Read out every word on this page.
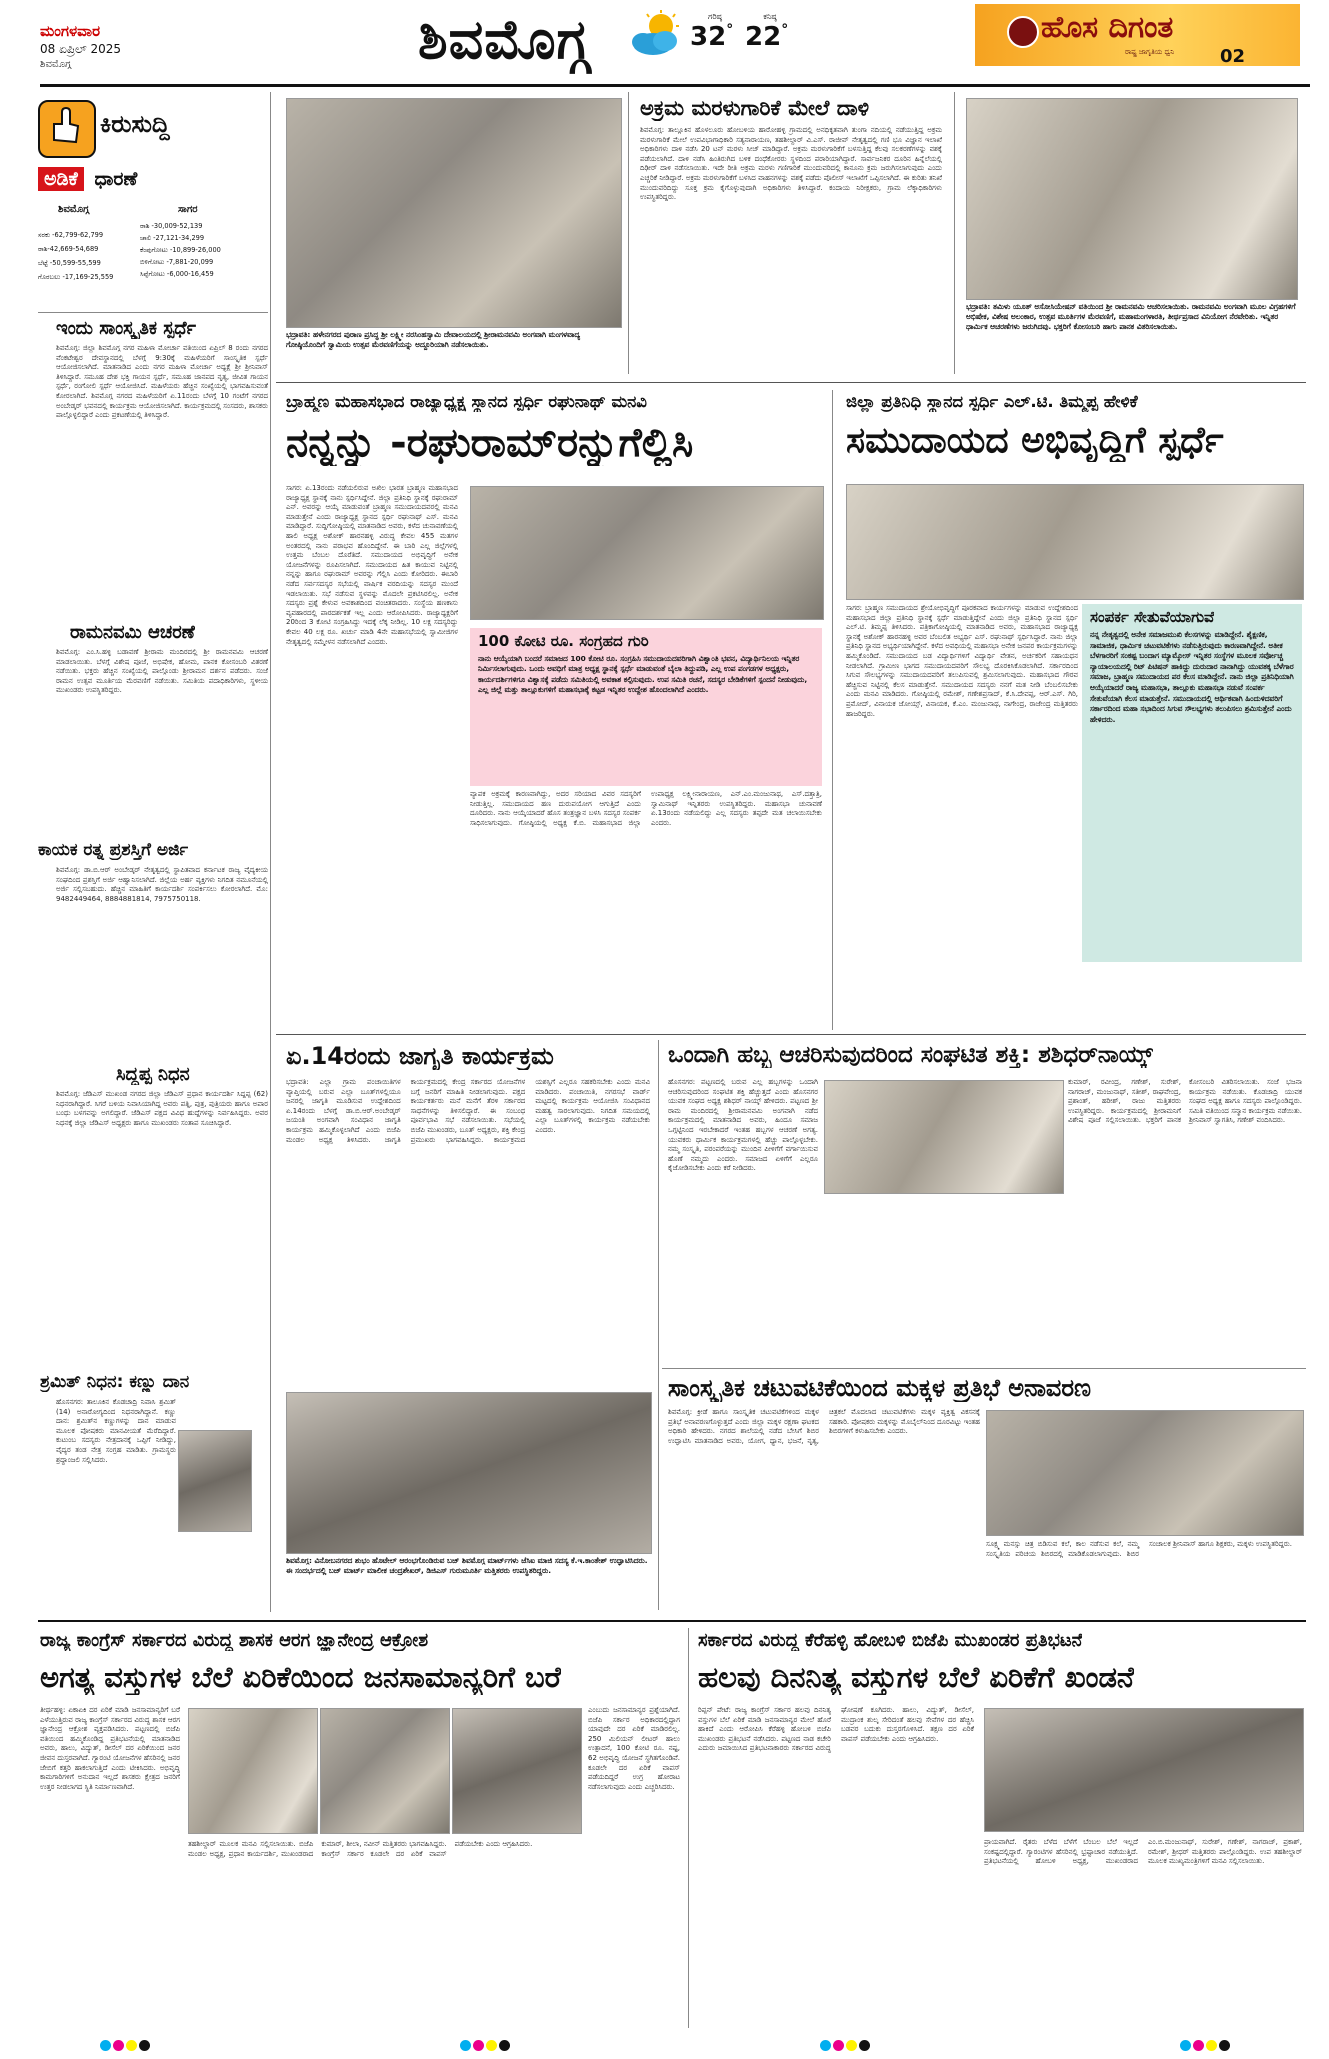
ಮಂಗಳವಾರ
08 ಏಪ್ರಿಲ್ 2025
ಶಿವಮೊಗ್ಗ	ಶಿವಮೊಗ್ಗ	ಗರಿಷ್ಠ
32°
ಕನಿಷ್ಠ
22°	ಹೊಸ ದಿಗಂತ
ರಾಷ್ಟ್ರ ಜಾಗೃತಿಯ ಧ್ವನಿ	02
ಕಿರುಸುದ್ದಿ
ಅಡಿಕೆ ಧಾರಣೆ
ಶಿವಮೊಗ್ಗ	ಸಾಗರ
ಸರಕು -62,799-62,799
ರಾಶಿ-42,669-54,689
ಬೆಟ್ಟೆ -50,599-55,599
ಗೊರಬಲು -17,169-25,559
ರಾಶಿ -30,009-52,139
ಚಾಲಿ -27,121-34,299
ಕೆಂಪುಗೋಟು -10,899-26,000
ಬಿಳಿಗೋಟು -7,881-20,099
ಸಿಪ್ಪೆಗೋಟು -6,000-16,459
ಇಂದು ಸಾಂಸ್ಕೃತಿಕ ಸ್ಪರ್ಧೆ
ಶಿವಮೊಗ್ಗ: ಜಿಲ್ಲಾ ಶಿವಮೊಗ್ಗ ನಗರ ಮಹಿಳಾ ಮೋರ್ಚಾ ವತಿಯಿಂದ ಏಪ್ರಿಲ್ 8 ರಂದು ನಗರದ ವೆಂಕಟೇಶ್ವರ ದೇವಸ್ಥಾನದಲ್ಲಿ ಬೆಳಗ್ಗೆ 9:30ಕ್ಕೆ ಮಹಿಳೆಯರಿಗೆ ಸಾಂಸ್ಕೃತಿಕ ಸ್ಪರ್ಧೆ ಆಯೋಜಿಸಲಾಗಿದೆ. ಮಾತನಾಡಿದ ಎಂದು ನಗರ ಮಹಿಳಾ ಮೋರ್ಚಾ ಅಧ್ಯಕ್ಷೆ ಶ್ರೀ ಶ್ರೀನಿವಾಸ್ ತಿಳಿಸಿದ್ದಾರೆ. ಸಮೂಹ ದೇಶ ಭಕ್ತಿ ಗಾಯನ ಸ್ಪರ್ಧೆ, ಸಮೂಹ ಜಾನಪದ ನೃತ್ಯ, ಜೀವಿತ ಗಾಯನ ಸ್ಪರ್ಧೆ, ರಂಗೋಲಿ ಸ್ಪರ್ಧೆ ಆಯೋಜಿಸಿದೆ. ಮಹಿಳೆಯರು ಹೆಚ್ಚಿನ ಸಂಖ್ಯೆಯಲ್ಲಿ ಭಾಗವಹಿಸುವಂತೆ ಕೋರಲಾಗಿದೆ. ಶಿವಮೊಗ್ಗ ನಗರದ ಮಹಿಳೆಯರಿಗೆ ಏ.11ರಂದು ಬೆಳಗ್ಗೆ 10 ಗಂಟೆಗೆ ನಗರದ ಅಂಬೇಡ್ಕರ್ ಭವನದಲ್ಲಿ ಕಾರ್ಯಕ್ರಮ ಆಯೋಜಿಸಲಾಗಿದೆ. ಕಾರ್ಯಕ್ರಮದಲ್ಲಿ ಸಂಸದರು, ಶಾಸಕರು ಪಾಲ್ಗೊಳ್ಳಲಿದ್ದಾರೆ ಎಂದು ಪ್ರಕಟಣೆಯಲ್ಲಿ ತಿಳಿಸಿದ್ದಾರೆ.
ರಾಮನವಮಿ ಆಚರಣೆ
ಶಿವಮೊಗ್ಗ: ಎಂ.ಸಿ.ಹಳ್ಳಿ ಬಡಾವಣೆ ಶ್ರೀರಾಮ ಮಂದಿರದಲ್ಲಿ ಶ್ರೀ ರಾಮನವಮಿ ಆಚರಣೆ ಮಾಡಲಾಯಿತು. ಬೆಳಗ್ಗೆ ವಿಶೇಷ ಪೂಜೆ, ಅಭಿಷೇಕ, ಹೋಮ, ಪಾನಕ ಕೋಸಂಬರಿ ವಿತರಣೆ ನಡೆಯಿತು. ಭಕ್ತರು ಹೆಚ್ಚಿನ ಸಂಖ್ಯೆಯಲ್ಲಿ ಪಾಲ್ಗೊಂಡು ಶ್ರೀರಾಮನ ದರ್ಶನ ಪಡೆದರು. ಸಂಜೆ ರಾಮನ ಉತ್ಸವ ಮೂರ್ತಿಯ ಮೆರವಣಿಗೆ ನಡೆಯಿತು. ಸಮಿತಿಯ ಪದಾಧಿಕಾರಿಗಳು, ಸ್ಥಳೀಯ ಮುಖಂಡರು ಉಪಸ್ಥಿತರಿದ್ದರು.
ಕಾಯಕ ರತ್ನ ಪ್ರಶಸ್ತಿಗೆ ಅರ್ಜಿ
ಶಿವಮೊಗ್ಗ: ಡಾ.ಬಿ.ಆರ್ ಅಂಬೇಡ್ಕರ್ ನೇತೃತ್ವದಲ್ಲಿ ಸ್ಥಾಪಿತವಾದ ಕರ್ನಾಟಕ ರಾಜ್ಯ ವೈದ್ಯಕೀಯ ಸಂಘದಿಂದ ಪ್ರಶಸ್ತಿಗೆ ಅರ್ಜಿ ಆಹ್ವಾನಿಸಲಾಗಿದೆ. ಜಿಲ್ಲೆಯ ಅರ್ಹ ವ್ಯಕ್ತಿಗಳು ನಿಗದಿತ ನಮೂನೆಯಲ್ಲಿ ಅರ್ಜಿ ಸಲ್ಲಿಸಬಹುದು. ಹೆಚ್ಚಿನ ಮಾಹಿತಿಗೆ ಕಾರ್ಯದರ್ಶಿ ಸಂಪರ್ಕಿಸಲು ಕೋರಲಾಗಿದೆ. ಮೊ: 9482449464, 8884881814, 7975750118.
ಸಿದ್ದಪ್ಪ ನಿಧನ
ಶಿವಮೊಗ್ಗ: ಜೆಡಿಎಸ್ ಮುಖಂಡ ನಗರದ ಜಿಲ್ಲಾ ಜೆಡಿಎಸ್ ಪ್ರಧಾನ ಕಾರ್ಯದರ್ಶಿ ಸಿದ್ದಪ್ಪ (62) ನಿಧನರಾಗಿದ್ದಾರೆ. ಸಿಗರೆ ಬಳಿಯ ನಿವಾಸಿಯಾಗಿದ್ದ ಅವರು ಪತ್ನಿ, ಪುತ್ರ, ಪುತ್ರಿಯರು ಹಾಗೂ ಅಪಾರ ಬಂಧು ಬಳಗವನ್ನು ಅಗಲಿದ್ದಾರೆ. ಜೆಡಿಎಸ್ ಪಕ್ಷದ ವಿವಿಧ ಹುದ್ದೆಗಳನ್ನು ನಿರ್ವಹಿಸಿದ್ದರು. ಅವರ ನಿಧನಕ್ಕೆ ಜಿಲ್ಲಾ ಜೆಡಿಎಸ್ ಅಧ್ಯಕ್ಷರು ಹಾಗೂ ಮುಖಂಡರು ಸಂತಾಪ ಸೂಚಿಸಿದ್ದಾರೆ.
ಶ್ರಮಿತ್ ನಿಧನ: ಕಣ್ಣು ದಾನ
ಹೊಸನಗರ: ತಾಲೂಕಿನ ಕೊಡಚಾದ್ರಿ ನಿವಾಸಿ ಶ್ರಮಿತ್ (14) ಅನಾರೋಗ್ಯದಿಂದ ನಿಧನರಾಗಿದ್ದಾನೆ. ಕಣ್ಣು ದಾನ: ಶ್ರಮಿತ್‌ನ ಕಣ್ಣುಗಳನ್ನು ದಾನ ಮಾಡುವ ಮೂಲಕ ಪೋಷಕರು ಮಾನವೀಯತೆ ಮೆರೆದಿದ್ದಾರೆ. ಕುಟುಂಬ ಸದಸ್ಯರು ನೇತ್ರದಾನಕ್ಕೆ ಒಪ್ಪಿಗೆ ನೀಡಿದ್ದು, ವೈದ್ಯರ ತಂಡ ನೇತ್ರ ಸಂಗ್ರಹ ಮಾಡಿತು. ಗ್ರಾಮಸ್ಥರು ಶ್ರದ್ಧಾಂಜಲಿ ಸಲ್ಲಿಸಿದರು.
ಭದ್ರಾವತಿ: ಹಳೇನಗರದ ಪುರಾಣ ಪ್ರಸಿದ್ಧ ಶ್ರೀ ಲಕ್ಷ್ಮೀ ನರಸಿಂಹಸ್ವಾಮಿ ದೇವಾಲಯದಲ್ಲಿ ಶ್ರೀರಾಮನವಮಿ ಅಂಗವಾಗಿ ಮಂಗಳವಾದ್ಯ ಗೋಷ್ಠಿಯೊಂದಿಗೆ ಸ್ವಾಮಿಯ ಉತ್ಸವ ಮೆರವಣಿಗೆಯನ್ನು ಅದ್ದೂರಿಯಾಗಿ ನಡೆಸಲಾಯಿತು.
ಅಕ್ರಮ ಮರಳುಗಾರಿಕೆ ಮೇಲೆ ದಾಳಿ
ಶಿವಮೊಗ್ಗ: ತಾಲ್ಲೂಕಿನ ಹೊಳಲೂರು ಹೋಬಳಿಯ ಹಾರೋಹಳ್ಳಿ ಗ್ರಾಮದಲ್ಲಿ ಅನಧಿಕೃತವಾಗಿ ತುಂಗಾ ನದಿಯಲ್ಲಿ ನಡೆಯುತ್ತಿದ್ದ ಅಕ್ರಮ ಮರಳುಗಾರಿಕೆ ಮೇಲೆ ಉಪವಿಭಾಗಾಧಿಕಾರಿ ಸತ್ಯನಾರಾಯಣ, ತಹಶೀಲ್ದಾರ್ ವಿ.ಎಸ್. ರಾಜೀವ್ ನೇತೃತ್ವದಲ್ಲಿ ಗಣಿ ಭೂ ವಿಜ್ಞಾನ ಇಲಾಖೆ ಅಧಿಕಾರಿಗಳು ದಾಳಿ ನಡೆಸಿ 20 ಟನ್ ಮರಳು ಸೀಜ್ ಮಾಡಿದ್ದಾರೆ. ಅಕ್ರಮ ಮರಳುಗಾರಿಕೆಗೆ ಬಳಸುತ್ತಿದ್ದ ಕೆಲವು ಸಲಕರಣೆಗಳನ್ನು ವಶಕ್ಕೆ ಪಡೆಯಲಾಗಿದೆ. ದಾಳಿ ನಡೆಸಿ ಹಿಂತಿರುಗಿದ ಬಳಿಕ ದಂಧೆಕೋರರು ಸ್ಥಳದಿಂದ ಪರಾರಿಯಾಗಿದ್ದಾರೆ. ಸಾರ್ವಜನಿಕರ ದೂರಿನ ಹಿನ್ನೆಲೆಯಲ್ಲಿ ದಿಢೀರ್ ದಾಳಿ ನಡೆಸಲಾಯಿತು. ಇದೇ ರೀತಿ ಅಕ್ರಮ ಮರಳು ಗಣಿಗಾರಿಕೆ ಮುಂದುವರಿದಲ್ಲಿ ಕಾನೂನು ಕ್ರಮ ಜರುಗಿಸಲಾಗುವುದು ಎಂದು ಎಚ್ಚರಿಕೆ ನೀಡಿದ್ದಾರೆ. ಅಕ್ರಮ ಮರಳುಗಾರಿಕೆಗೆ ಬಳಸಿದ ವಾಹನಗಳನ್ನು ವಶಕ್ಕೆ ಪಡೆದು ಪೊಲೀಸ್ ಇಲಾಖೆಗೆ ಒಪ್ಪಿಸಲಾಗಿದೆ. ಈ ಕುರಿತು ತನಿಖೆ ಮುಂದುವರಿದಿದ್ದು ಸೂಕ್ತ ಕ್ರಮ ಕೈಗೊಳ್ಳುವುದಾಗಿ ಅಧಿಕಾರಿಗಳು ತಿಳಿಸಿದ್ದಾರೆ. ಕಂದಾಯ ನಿರೀಕ್ಷಕರು, ಗ್ರಾಮ ಲೆಕ್ಕಾಧಿಕಾರಿಗಳು ಉಪಸ್ಥಿತರಿದ್ದರು.
ಭದ್ರಾವತಿ: ತಮಿಳು ಯೂತ್ ಅಸೋಸಿಯೇಷನ್ ವತಿಯಿಂದ ಶ್ರೀ ರಾಮನವಮಿ ಆಚರಿಸಲಾಯಿತು. ರಾಮನವಮಿ ಅಂಗವಾಗಿ ಮೂಲ ವಿಗ್ರಹಗಳಿಗೆ ಅಭಿಷೇಕ, ವಿಶೇಷ ಅಲಂಕಾರ, ಉತ್ಸವ ಮೂರ್ತಿಗಳ ಮೆರವಣಿಗೆ, ಮಹಾಮಂಗಳಾರತಿ, ತೀರ್ಥಪ್ರಸಾದ ವಿನಿಯೋಗ ನೆರವೇರಿತು. ಇನ್ನಿತರ ಧಾರ್ಮಿಕ ಆಚರಣೆಗಳು ಜರುಗಿದವು. ಭಕ್ತರಿಗೆ ಕೋಸಂಬರಿ ಹಾಗು ಪಾನಕ ವಿತರಿಸಲಾಯಿತು.
ಬ್ರಾಹ್ಮಣ ಮಹಾಸಭಾದ ರಾಜ್ಯಾಧ್ಯಕ್ಷ ಸ್ಥಾನದ ಸ್ಪರ್ಧಿ ರಘುನಾಥ್ ಮನವಿ
ನನ್ನನ್ನು -ರಘುರಾಮ್‌ರನ್ನುಗೆಲ್ಲಿಸಿ
ಸಾಗರ: ಏ.13ರಂದು ನಡೆಯಲಿರುವ ಅಖಿಲ ಭಾರತ ಬ್ರಾಹ್ಮಣ ಮಹಾಸಭಾದ ರಾಜ್ಯಾಧ್ಯಕ್ಷ ಸ್ಥಾನಕ್ಕೆ ನಾನು ಸ್ಪರ್ಧಿಸಿದ್ದೇನೆ. ಜಿಲ್ಲಾ ಪ್ರತಿನಿಧಿ ಸ್ಥಾನಕ್ಕೆ ರಘುರಾಮ್ ಎನ್. ಅವರನ್ನು ಆಯ್ಕೆ ಮಾಡುವಂತೆ ಬ್ರಾಹ್ಮಣ ಸಮುದಾಯದವರಲ್ಲಿ ಮನವಿ ಮಾಡುತ್ತೇನೆ ಎಂದು ರಾಜ್ಯಾಧ್ಯಕ್ಷ ಸ್ಥಾನದ ಸ್ಪರ್ಧಿ ರಘುನಾಥ್ ಎಸ್. ಮನವಿ ಮಾಡಿದ್ದಾರೆ. ಸುದ್ದಿಗೋಷ್ಠಿಯಲ್ಲಿ ಮಾತನಾಡಿದ ಅವರು, ಕಳೆದ ಚುನಾವಣೆಯಲ್ಲಿ ಹಾಲಿ ಅಧ್ಯಕ್ಷ ಅಶೋಕ್ ಹಾರನಹಳ್ಳಿ ವಿರುದ್ಧ ಕೇವಲ 455 ಮತಗಳ ಅಂತರದಲ್ಲಿ ನಾನು ಪರಾಭವ ಹೊಂದಿದ್ದೇನೆ. ಈ ಬಾರಿ ಎಲ್ಲ ಜಿಲ್ಲೆಗಳಲ್ಲಿ ಉತ್ತಮ ಬೆಂಬಲ ದೊರೆತಿದೆ. ಸಮುದಾಯದ ಅಭಿವೃದ್ಧಿಗೆ ಅನೇಕ ಯೋಜನೆಗಳನ್ನು ರೂಪಿಸಲಾಗಿದೆ. ಸಮುದಾಯದ ಹಿತ ಕಾಯುವ ನಿಟ್ಟಿನಲ್ಲಿ ನನ್ನನ್ನು ಹಾಗೂ ರಘುರಾಮ್ ಅವರನ್ನು ಗೆಲ್ಲಿಸಿ ಎಂದು ಕೋರಿದರು. ಈಬಾರಿ ನಡೆದ ಸರ್ವಸದಸ್ಯರ ಸಭೆಯಲ್ಲಿ ವಾರ್ಷಿಕ ವರದಿಯನ್ನು ಸದಸ್ಯರ ಮುಂದೆ ಇಡಲಾಯಿತು. ಸಭೆ ನಡೆಸುವ ಸ್ಥಳವನ್ನು ಮೊದಲೇ ಪ್ರಕಟಿಸಿರಲಿಲ್ಲ. ಅನೇಕ ಸದಸ್ಯರು ಪ್ರಶ್ನೆ ಕೇಳುವ ಅವಕಾಶದಿಂದ ವಂಚಿತರಾದರು. ಸಂಸ್ಥೆಯ ಹಣಕಾಸು ವ್ಯವಹಾರದಲ್ಲಿ ಪಾರದರ್ಶಕತೆ ಇಲ್ಲ ಎಂದು ಆರೋಪಿಸಿದರು. ರಾಜ್ಯಾಧ್ಯಕ್ಷರಿಗೆ 20ರಿಂದ 3 ಕೋಟಿ ಸಂಗ್ರಹಿಸಿದ್ದು ಇದಕ್ಕೆ ಲೆಕ್ಕ ನೀಡಿಲ್ಲ. 10 ಲಕ್ಷ ಸದಸ್ಯರಿದ್ದು ಕೇವಲ 40 ಲಕ್ಷ ರೂ. ಖರ್ಚು ಮಾಡಿ 4ನೇ ಮಹಾಸಭೆಯಲ್ಲಿ ಸ್ವಾಮೀಜಿಗಳ ನೇತೃತ್ವದಲ್ಲಿ ಸಮ್ಮೇಳನ ನಡೆಸಲಾಗಿದೆ ಎಂದರು.	100 ಕೋಟಿ ರೂ. ಸಂಗ್ರಹದ ಗುರಿ
ನಾನು ಆಯ್ಕೆಯಾಗಿ ಬಂದರೆ ಸಮಾಜದ 100 ಕೋಟಿ ರೂ. ಸಂಗ್ರಹಿಸಿ ಸಮುದಾಯದವರಿಗಾಗಿ ವಿಶ್ವಾಂತಿ ಭವನ, ವಿದ್ಯಾರ್ಥಿನಿಲಯ ಇನ್ನಿತರ ನಿರ್ಮಿಸಲಾಗುವುದು. ಒಂದು ಅವಧಿಗೆ ಮಾತ್ರ ಅಧ್ಯಕ್ಷ ಸ್ಥಾನಕ್ಕೆ ಸ್ಪರ್ಧೆ ಮಾಡುವಂತೆ ಬೈಲಾ ತಿದ್ದುಪಡಿ, ಎಲ್ಲ ಉಪ ಪಂಗಡಗಳ ಅಧ್ಯಕ್ಷರು, ಕಾರ್ಯದರ್ಶಿಗಳಿಗೂ ವಿಶ್ವಾಸಕ್ಕೆ ಪಡೆದು ಸಮಿತಿಯಲ್ಲಿ ಅವಕಾಶ ಕಲ್ಪಿಸುವುದು. ಉಪ ಸಮಿತಿ ರಚನೆ, ಸದಸ್ಯರ ಬೇಡಿಕೆಗಳಿಗೆ ಸ್ಪಂದನೆ ನೀಡುವುದು, ಎಲ್ಲ ಜಿಲ್ಲೆ ಮತ್ತು ತಾಲ್ಲೂಕುಗಳಿಗೆ ಮಹಾಸಭಾಕ್ಕೆ ಕಟ್ಟಡ ಇನ್ನಿತರ ಉದ್ದೇಶ ಹೊಂದಲಾಗಿದೆ ಎಂದರು.
ವ್ಯಾಪಕ ಅಕ್ರಮಕ್ಕೆ ಕಾರಣವಾಗಿದ್ದು, ಅದರ ಸರಿಯಾದ ವಿವರ ಸದಸ್ಯರಿಗೆ ನೀಡುತ್ತಿಲ್ಲ. ಸಮುದಾಯದ ಹಣ ದುರುಪಯೋಗ ಆಗುತ್ತಿದೆ ಎಂದು ದೂರಿದರು. ನಾನು ಆಯ್ಕೆಯಾದರೆ ಹೊಸ ತಂತ್ರಜ್ಞಾನ ಬಳಸಿ ಸದಸ್ಯರ ಸಂಪರ್ಕ ಸಾಧಿಸಲಾಗುವುದು. ಗೋಷ್ಠಿಯಲ್ಲಿ ಅಧ್ಯಕ್ಷ ಕೆ.ಬಿ. ಮಹಾಸಭಾದ ಜಿಲ್ಲಾ ಉಪಾಧ್ಯಕ್ಷ ಲಕ್ಷ್ಮೀನಾರಾಯಣ, ಎನ್.ಎಂ.ಮಂಜುನಾಥ, ಎಸ್.ದತ್ತಾತ್ರಿ, ಸ್ವಾಮಿನಾಥ್ ಇನ್ನಿತರರು ಉಪಸ್ಥಿತರಿದ್ದರು. ಮಹಾಸಭಾ ಚುನಾವಣೆ ಏ.13ರಂದು ನಡೆಯಲಿದ್ದು ಎಲ್ಲ ಸದಸ್ಯರು ತಪ್ಪದೇ ಮತ ಚಲಾಯಿಸಬೇಕು ಎಂದರು.
ಜಿಲ್ಲಾ ಪ್ರತಿನಿಧಿ ಸ್ಥಾನದ ಸ್ಪರ್ಧಿ ಎಲ್.ಟಿ. ತಿಮ್ಮಪ್ಪ ಹೇಳಿಕೆ
ಸಮುದಾಯದ ಅಭಿವೃದ್ಧಿಗೆ ಸ್ಪರ್ಧೆ
ಸಾಗರ: ಬ್ರಾಹ್ಮಣ ಸಮುದಾಯದ ಶ್ರೇಯೋಭಿವೃದ್ಧಿಗೆ ಪೂರಕವಾದ ಕಾರ್ಯಗಳನ್ನು ಮಾಡುವ ಉದ್ದೇಶದಿಂದ ಮಹಾಸಭಾದ ಜಿಲ್ಲಾ ಪ್ರತಿನಿಧಿ ಸ್ಥಾನಕ್ಕೆ ಸ್ಪರ್ಧೆ ಮಾಡುತ್ತಿದ್ದೇನೆ ಎಂದು ಜಿಲ್ಲಾ ಪ್ರತಿನಿಧಿ ಸ್ಥಾನದ ಸ್ಪರ್ಧಿ ಎಲ್.ಟಿ. ತಿಮ್ಮಪ್ಪ ತಿಳಿಸಿದರು. ಪತ್ರಿಕಾಗೋಷ್ಠಿಯಲ್ಲಿ ಮಾತನಾಡಿದ ಅವರು, ಮಹಾಸಭಾದ ರಾಜ್ಯಾಧ್ಯಕ್ಷ ಸ್ಥಾನಕ್ಕೆ ಅಶೋಕ್ ಹಾರನಹಳ್ಳಿ ಅವರ ಬೆಂಬಲಿತ ಅಭ್ಯರ್ಥಿ ಎಸ್. ರಘುನಾಥ್ ಸ್ಪರ್ಧಿಸಿದ್ದಾರೆ. ನಾನು ಜಿಲ್ಲಾ ಪ್ರತಿನಿಧಿ ಸ್ಥಾನದ ಅಭ್ಯರ್ಥಿಯಾಗಿದ್ದೇನೆ. ಕಳೆದ ಅವಧಿಯಲ್ಲಿ ಮಹಾಸಭಾ ಅನೇಕ ಜನಪರ ಕಾರ್ಯಕ್ರಮಗಳನ್ನು ಹಮ್ಮಿಕೊಂಡಿದೆ. ಸಮುದಾಯದ ಬಡ ವಿದ್ಯಾರ್ಥಿಗಳಿಗೆ ವಿದ್ಯಾರ್ಥಿ ವೇತನ, ಅರ್ಚಕರಿಗೆ ಸಹಾಯಧನ ನೀಡಲಾಗಿದೆ. ಗ್ರಾಮೀಣ ಭಾಗದ ಸಮುದಾಯದವರಿಗೆ ಸೌಲಭ್ಯ ದೊರಕಿಸಿಕೊಡಲಾಗಿದೆ. ಸರ್ಕಾರದಿಂದ ಸಿಗುವ ಸೌಲಭ್ಯಗಳನ್ನು ಸಮುದಾಯದವರಿಗೆ ತಲುಪಿಸುವಲ್ಲಿ ಶ್ರಮಿಸಲಾಗುವುದು. ಮಹಾಸಭಾದ ಗೌರವ ಹೆಚ್ಚಿಸುವ ನಿಟ್ಟಿನಲ್ಲಿ ಕೆಲಸ ಮಾಡುತ್ತೇನೆ. ಸಮುದಾಯದ ಸದಸ್ಯರು ನನಗೆ ಮತ ನೀಡಿ ಬೆಂಬಲಿಸಬೇಕು ಎಂದು ಮನವಿ ಮಾಡಿದರು. ಗೋಷ್ಠಿಯಲ್ಲಿ ರಮೇಶ್, ಗಣೇಶಪ್ರಸಾದ್, ಕೆ.ಸಿ.ದೇವಪ್ಪ, ಆರ್.ಎಸ್. ಗಿರಿ, ಪ್ರಮೋದ್, ವಿನಾಯಕ ಜೋಯ್ಸ್, ವಿನಾಯಕ, ಕೆ.ಎಂ. ಮಂಜುನಾಥ, ನಾಗೇಂದ್ರ, ರಾಜೇಂದ್ರ ಮತ್ತಿತರರು ಹಾಜರಿದ್ದರು.
ಸಂಪರ್ಕ ಸೇತುವೆಯಾಗುವೆ
ನನ್ನ ನೇತೃತ್ವದಲ್ಲಿ ಅನೇಕ ಸಮಾಜಮುಖಿ ಕೆಲಸಗಳನ್ನು ಮಾಡಿದ್ದೇನೆ. ಶೈಕ್ಷಣಿಕ, ಸಾಮಾಜಿಕ, ಧಾರ್ಮಿಕ ಚಟುವಟಿಕೆಗಳು ನಡೆಸುತ್ತಿರುವುದು ಕಾರಣವಾಗಿದ್ದೇನೆ. ಅತೀಕ ಬೆಳಗಾರರಿಗೆ ಸಂಕಷ್ಟ ಬಂದಾಗ ಮ್ಯಾಮ್ಕೋಸ್ ಇನ್ನಿತರ ಸಂಸ್ಥೆಗಳ ಮೂಲಕ ಸರ್ವೋಚ್ಚ ನ್ಯಾಯಾಲಯದಲ್ಲಿ ರಿಟ್ ಪಿಟಿಷನ್ ಹಾಕಿದ್ದು ದುರುದಾರ ನಾನಾಗಿದ್ದು ಯುವತಕ್ಕ ಬೆಳೆಗಾರ ಸಮಾಜ, ಬ್ರಾಹ್ಮಣ ಸಮುದಾಯದ ಪರ ಕೆಲಸ ಮಾಡಿದ್ದೇನೆ. ನಾನು ಜಿಲ್ಲಾ ಪ್ರತಿನಿಧಿಯಾಗಿ ಆಯ್ಕೆಯಾದರೆ ರಾಜ್ಯ ಮಹಾಸಭಾ, ತಾಲ್ಲೂಕು ಮಹಾಸಭಾ ನಡುವೆ ಸಂಪರ್ಕ ಸೇತುವೆಯಾಗಿ ಕೆಲಸ ಮಾಡುತ್ತೇನೆ. ಸಮುದಾಯದಲ್ಲಿ ಆರ್ಥಿಕವಾಗಿ ಹಿಂದುಳಿದವರಿಗೆ ಸರ್ಕಾರದಿಂದ ಮಹಾ ಸಭಾದಿಂದ ಸಿಗುವ ಸೌಲಭ್ಯಗಳು ತಲುಪಿಸಲು ಶ್ರಮಿಸುತ್ತೇನೆ ಎಂದು ಹೇಳಿದರು.
ಏ.14ರಂದು ಜಾಗೃತಿ ಕಾರ್ಯಕ್ರಮ
ಭದ್ರಾವತಿ: ಎಲ್ಲಾ ಗ್ರಾಮ ಪಂಚಾಯಿತಿಗಳ ವ್ಯಾಪ್ತಿಯಲ್ಲಿ ಬರುವ ಎಲ್ಲಾ ಬೂತ್‌ಗಳಲ್ಲಿಯೂ ಜನರಲ್ಲಿ ಜಾಗೃತಿ ಮೂಡಿಸುವ ಉದ್ದೇಶದಿಂದ ಏ.14ರಂದು ಬೆಳಗ್ಗೆ ಡಾ.ಬಿ.ಆರ್.ಅಂಬೇಡ್ಕರ್ ಜಯಂತಿ ಅಂಗವಾಗಿ ಸಂವಿಧಾನ ಜಾಗೃತಿ ಕಾರ್ಯಕ್ರಮ ಹಮ್ಮಿಕೊಳ್ಳಲಾಗಿದೆ ಎಂದು ಬಿಜೆಪಿ ಮಂಡಲ ಅಧ್ಯಕ್ಷ ತಿಳಿಸಿದರು. ಜಾಗೃತಿ ಕಾರ್ಯಕ್ರಮದಲ್ಲಿ ಕೇಂದ್ರ ಸರ್ಕಾರದ ಯೋಜನೆಗಳ ಬಗ್ಗೆ ಜನರಿಗೆ ಮಾಹಿತಿ ನೀಡಲಾಗುವುದು. ಪಕ್ಷದ ಕಾರ್ಯಕರ್ತರು ಮನೆ ಮನೆಗೆ ತೆರಳಿ ಸರ್ಕಾರದ ಸಾಧನೆಗಳನ್ನು ತಿಳಿಸಲಿದ್ದಾರೆ. ಈ ಸಂಬಂಧ ಪೂರ್ವಭಾವಿ ಸಭೆ ನಡೆಸಲಾಯಿತು. ಸಭೆಯಲ್ಲಿ ಬಿಜೆಪಿ ಮುಖಂಡರು, ಬೂತ್ ಅಧ್ಯಕ್ಷರು, ಶಕ್ತಿ ಕೇಂದ್ರ ಪ್ರಮುಖರು ಭಾಗವಹಿಸಿದ್ದರು. ಕಾರ್ಯಕ್ರಮದ ಯಶಸ್ಸಿಗೆ ಎಲ್ಲರೂ ಸಹಕರಿಸಬೇಕು ಎಂದು ಮನವಿ ಮಾಡಿದರು. ಪಂಚಾಯಿತಿ, ನಗರಸಭೆ ವಾರ್ಡ್ ಮಟ್ಟದಲ್ಲಿ ಕಾರ್ಯಕ್ರಮ ಆಯೋಜಿಸಿ ಸಂವಿಧಾನದ ಮಹತ್ವ ಸಾರಲಾಗುವುದು. ನಿಗದಿತ ಸಮಯದಲ್ಲಿ ಎಲ್ಲಾ ಬೂತ್‌ಗಳಲ್ಲಿ ಕಾರ್ಯಕ್ರಮ ನಡೆಯಬೇಕು ಎಂದರು.
ಶಿವಮೊಗ್ಗ: ವಿನೋಬನಗರದ ಶುಭಂ ಹೊಟೇಲ್ ಆರಂಭಗೊಂಡಿರುವ ಬಜ್ ಶಿವಮೊಗ್ಗ ಮಾರ್ಟ್‌ಗಳು ಜೆಸಿಐ ಮಾಜಿ ಸದಸ್ಯ ಕೆ.ಇ.ಕಾಂತೇಶ್ ಉದ್ಘಾಟಿಸಿದರು. ಈ ಸಂದರ್ಭದಲ್ಲಿ ಬಜ್ ಮಾರ್ಟ್ ಮಾಲೀಕ ಚಂದ್ರಶೇಖರ್, ಡಿಜಿಎಸ್ ಗುರುಮೂರ್ತಿ ಮತ್ತಿತರರು ಉಪಸ್ಥಿತರಿದ್ದರು.
ಒಂದಾಗಿ ಹಬ್ಬ ಆಚರಿಸುವುದರಿಂದ ಸಂಘಟಿತ ಶಕ್ತಿ: ಶಶಿಧರ್‌ನಾಯ್ಕ್
ಹೊಸನಗರ: ಪಟ್ಟಣದಲ್ಲಿ ಬರುವ ಎಲ್ಲ ಹಬ್ಬಗಳನ್ನು ಒಂದಾಗಿ ಆಚರಿಸುವುದರಿಂದ ಸಂಘಟಿತ ಶಕ್ತಿ ಹೆಚ್ಚುತ್ತದೆ ಎಂದು ಹೊಸನಗರ ಯುವಕ ಸಂಘದ ಅಧ್ಯಕ್ಷ ಶಶಿಧರ್ ನಾಯ್ಕ್ ಹೇಳಿದರು. ಪಟ್ಟಣದ ಶ್ರೀ ರಾಮ ಮಂದಿರದಲ್ಲಿ ಶ್ರೀರಾಮನವಮಿ ಅಂಗವಾಗಿ ನಡೆದ ಕಾರ್ಯಕ್ರಮದಲ್ಲಿ ಮಾತನಾಡಿದ ಅವರು, ಹಿಂದೂ ಸಮಾಜ ಒಗ್ಗಟ್ಟಿನಿಂದ ಇರಬೇಕಾದರೆ ಇಂತಹ ಹಬ್ಬಗಳ ಆಚರಣೆ ಅಗತ್ಯ. ಯುವಕರು ಧಾರ್ಮಿಕ ಕಾರ್ಯಕ್ರಮಗಳಲ್ಲಿ ಹೆಚ್ಚು ಪಾಲ್ಗೊಳ್ಳಬೇಕು. ನಮ್ಮ ಸಂಸ್ಕೃತಿ, ಪರಂಪರೆಯನ್ನು ಮುಂದಿನ ಪೀಳಿಗೆಗೆ ವರ್ಗಾಯಿಸುವ ಹೊಣೆ ನಮ್ಮದು ಎಂದರು. ಸಮಾಜದ ಏಳಿಗೆಗೆ ಎಲ್ಲರೂ ಕೈಜೋಡಿಸಬೇಕು ಎಂದು ಕರೆ ನೀಡಿದರು.
ಕುಮಾರ್, ರವೀಂದ್ರ, ಗಣೇಶ್, ಸುರೇಶ್, ನಾಗರಾಜ್, ಮಂಜುನಾಥ್, ಸತೀಶ್, ರಾಘವೇಂದ್ರ, ಪ್ರಶಾಂತ್, ಹರೀಶ್, ರಾಜು ಮತ್ತಿತರರು ಉಪಸ್ಥಿತರಿದ್ದರು. ಕಾರ್ಯಕ್ರಮದಲ್ಲಿ ಶ್ರೀರಾಮನಿಗೆ ವಿಶೇಷ ಪೂಜೆ ಸಲ್ಲಿಸಲಾಯಿತು. ಭಕ್ತರಿಗೆ ಪಾನಕ ಕೋಸಂಬರಿ ವಿತರಿಸಲಾಯಿತು. ಸಂಜೆ ಭಜನಾ ಕಾರ್ಯಕ್ರಮ ನಡೆಯಿತು. ಕೊಡಚಾದ್ರಿ ಯುವಕ ಸಂಘದ ಅಧ್ಯಕ್ಷ ಹಾಗೂ ಸದಸ್ಯರು ಪಾಲ್ಗೊಂಡಿದ್ದರು. ಸಮಿತಿ ವತಿಯಿಂದ ಸನ್ಮಾನ ಕಾರ್ಯಕ್ರಮ ನಡೆಯಿತು. ಶ್ರೀನಿವಾಸ್ ಸ್ವಾಗತಿಸಿ, ಗಣೇಶ್ ವಂದಿಸಿದರು.
ಸಾಂಸ್ಕೃತಿಕ ಚಟುವಟಿಕೆಯಿಂದ ಮಕ್ಕಳ ಪ್ರತಿಭೆ ಅನಾವರಣ
ಶಿವಮೊಗ್ಗ: ಕ್ರೀಡೆ ಹಾಗೂ ಸಾಂಸ್ಕೃತಿಕ ಚಟುವಟಿಕೆಗಳಿಂದ ಮಕ್ಕಳ ಪ್ರತಿಭೆ ಅನಾವರಣಗೊಳ್ಳುತ್ತದೆ ಎಂದು ಜಿಲ್ಲಾ ಮಕ್ಕಳ ರಕ್ಷಣಾ ಘಟಕದ ಅಧಿಕಾರಿ ಹೇಳಿದರು. ನಗರದ ಶಾಲೆಯಲ್ಲಿ ನಡೆದ ಬೇಸಿಗೆ ಶಿಬಿರ ಉದ್ಘಾಟಿಸಿ ಮಾತನಾಡಿದ ಅವರು, ಯೋಗ, ಧ್ಯಾನ, ಭಜನೆ, ನೃತ್ಯ, ಚಿತ್ರಕಲೆ ಮೊದಲಾದ ಚಟುವಟಿಕೆಗಳು ಮಕ್ಕಳ ವ್ಯಕ್ತಿತ್ವ ವಿಕಸನಕ್ಕೆ ಸಹಕಾರಿ. ಪೋಷಕರು ಮಕ್ಕಳನ್ನು ಮೊಬೈಲ್‌ನಿಂದ ದೂರವಿಟ್ಟು ಇಂತಹ ಶಿಬಿರಗಳಿಗೆ ಕಳುಹಿಸಬೇಕು ಎಂದರು.
ಸೂಕ್ಷ್ಮ ಮನಸ್ಸು ಚಿತ್ರ ಬಿಡಿಸುವ ಕಲೆ, ಕಾಲ ನಡೆಸುವ ಕಲೆ, ನಮ್ಮ ಸಂಸ್ಕೃತಿಯ ಪರಿಚಯ ಶಿಬಿರದಲ್ಲಿ ಮಾಡಿಕೊಡಲಾಗುವುದು. ಶಿಬಿರ ಸಂಚಾಲಕ ಶ್ರೀನಿವಾಸ್ ಹಾಗೂ ಶಿಕ್ಷಕರು, ಮಕ್ಕಳು ಉಪಸ್ಥಿತರಿದ್ದರು.
ರಾಜ್ಯ ಕಾಂಗ್ರೆಸ್ ಸರ್ಕಾರದ ವಿರುದ್ಧ ಶಾಸಕ ಆರಗ ಜ್ಞಾನೇಂದ್ರ ಆಕ್ರೋಶ
ಅಗತ್ಯ ವಸ್ತುಗಳ ಬೆಲೆ ಏರಿಕೆಯಿಂದ ಜನಸಾಮಾನ್ಯರಿಗೆ ಬರೆ
ತೀರ್ಥಹಳ್ಳಿ: ಏಕಾಏಕಿ ದರ ಏರಿಕೆ ಮಾಡಿ ಜನಸಾಮಾನ್ಯರಿಗೆ ಬರೆ ಎಳೆಯುತ್ತಿರುವ ರಾಜ್ಯ ಕಾಂಗ್ರೆಸ್ ಸರ್ಕಾರದ ವಿರುದ್ಧ ಶಾಸಕ ಆರಗ ಜ್ಞಾನೇಂದ್ರ ಆಕ್ರೋಶ ವ್ಯಕ್ತಪಡಿಸಿದರು. ಪಟ್ಟಣದಲ್ಲಿ ಬಿಜೆಪಿ ವತಿಯಿಂದ ಹಮ್ಮಿಕೊಂಡಿದ್ದ ಪ್ರತಿಭಟನೆಯಲ್ಲಿ ಮಾತನಾಡಿದ ಅವರು, ಹಾಲು, ವಿದ್ಯುತ್, ಡೀಸೆಲ್ ದರ ಏರಿಕೆಯಿಂದ ಜನರ ಜೀವನ ದುಸ್ತರವಾಗಿದೆ. ಗ್ಯಾರಂಟಿ ಯೋಜನೆಗಳ ಹೆಸರಿನಲ್ಲಿ ಜನರ ಜೇಬಿಗೆ ಕತ್ತರಿ ಹಾಕಲಾಗುತ್ತಿದೆ ಎಂದು ಟೀಕಿಸಿದರು. ಅಭಿವೃದ್ಧಿ ಕಾಮಗಾರಿಗಳಿಗೆ ಅನುದಾನ ಇಲ್ಲದೆ ಶಾಸಕರು ಕ್ಷೇತ್ರದ ಜನರಿಗೆ ಉತ್ತರ ನೀಡಲಾಗದ ಸ್ಥಿತಿ ನಿರ್ಮಾಣವಾಗಿದೆ.
ತಹಶೀಲ್ದಾರ್ ಮೂಲಕ ಮನವಿ ಸಲ್ಲಿಸಲಾಯಿತು. ಬಿಜೆಪಿ ಮಂಡಲ ಅಧ್ಯಕ್ಷ, ಪ್ರಧಾನ ಕಾರ್ಯದರ್ಶಿ, ಮುಖಂಡರಾದ ಕುಮಾರ್, ಶೀಲಾ, ನವೀನ್ ಮತ್ತಿತರರು ಭಾಗವಹಿಸಿದ್ದರು. ಕಾಂಗ್ರೆಸ್ ಸರ್ಕಾರ ಕೂಡಲೇ ದರ ಏರಿಕೆ ವಾಪಸ್ ಪಡೆಯಬೇಕು ಎಂದು ಆಗ್ರಹಿಸಿದರು.
ಎಂಬುದು ಜನಸಾಮಾನ್ಯರ ಪ್ರಶ್ನೆಯಾಗಿದೆ. ಬಿಜೆಪಿ ಸರ್ಕಾರ ಅಧಿಕಾರದಲ್ಲಿದ್ದಾಗ ಯಾವುದೇ ದರ ಏರಿಕೆ ಮಾಡಿರಲಿಲ್ಲ. 250 ಮಿಲಿಯನ್ ಲೀಟರ್ ಹಾಲು ಉತ್ಪಾದನೆ, 100 ಕೋಟಿ ರೂ. ನಷ್ಟ, 62 ಅಭಿವೃದ್ಧಿ ಯೋಜನೆ ಸ್ಥಗಿತಗೊಂಡಿವೆ. ಕೂಡಲೇ ದರ ಏರಿಕೆ ವಾಪಸ್ ಪಡೆಯದಿದ್ದರೆ ಉಗ್ರ ಹೋರಾಟ ನಡೆಸಲಾಗುವುದು ಎಂದು ಎಚ್ಚರಿಸಿದರು.
ಸರ್ಕಾರದ ವಿರುದ್ಧ ಕೆರೆಹಳ್ಳಿ ಹೋಬಳಿ ಬಿಜೆಪಿ ಮುಖಂಡರ ಪ್ರತಿಭಟನೆ
ಹಲವು ದಿನನಿತ್ಯ ವಸ್ತುಗಳ ಬೆಲೆ ಏರಿಕೆಗೆ ಖಂಡನೆ
ರಿಪ್ಪನ್ ಪೇಟೆ: ರಾಜ್ಯ ಕಾಂಗ್ರೆಸ್ ಸರ್ಕಾರ ಹಲವು ದಿನನಿತ್ಯ ವಸ್ತುಗಳ ಬೆಲೆ ಏರಿಕೆ ಮಾಡಿ ಜನಸಾಮಾನ್ಯರ ಮೇಲೆ ಹೊರೆ ಹಾಕಿದೆ ಎಂದು ಆರೋಪಿಸಿ ಕೆರೆಹಳ್ಳಿ ಹೋಬಳಿ ಬಿಜೆಪಿ ಮುಖಂಡರು ಪ್ರತಿಭಟನೆ ನಡೆಸಿದರು. ಪಟ್ಟಣದ ನಾಡ ಕಚೇರಿ ಎದುರು ಜಮಾಯಿಸಿದ ಪ್ರತಿಭಟನಾಕಾರರು ಸರ್ಕಾರದ ವಿರುದ್ಧ ಘೋಷಣೆ ಕೂಗಿದರು. ಹಾಲು, ವಿದ್ಯುತ್, ಡೀಸೆಲ್, ಮುದ್ರಾಂಕ ಶುಲ್ಕ ಸೇರಿದಂತೆ ಹಲವು ಸೇವೆಗಳ ದರ ಹೆಚ್ಚಿಸಿ ಬಡವರ ಬದುಕು ದುಸ್ತರಗೊಳಿಸಿದೆ. ತಕ್ಷಣ ದರ ಏರಿಕೆ ವಾಪಸ್ ಪಡೆಯಬೇಕು ಎಂದು ಆಗ್ರಹಿಸಿದರು.
ಪ್ರಾಯವಾಗಿದೆ. ರೈತರು ಬೆಳೆದ ಬೆಳೆಗೆ ಬೆಂಬಲ ಬೆಲೆ ಇಲ್ಲದೆ ಸಂಕಷ್ಟದಲ್ಲಿದ್ದಾರೆ. ಗ್ಯಾರಂಟಿಗಳ ಹೆಸರಿನಲ್ಲಿ ಭ್ರಷ್ಟಾಚಾರ ನಡೆಯುತ್ತಿದೆ. ಪ್ರತಿಭಟನೆಯಲ್ಲಿ ಹೋಬಳಿ ಅಧ್ಯಕ್ಷ, ಮುಖಂಡರಾದ ಎಂ.ಬಿ.ಮಂಜುನಾಥ್, ಸುರೇಶ್, ಗಣೇಶ್, ನಾಗರಾಜ್, ಪ್ರಕಾಶ್, ರಮೇಶ್, ಶ್ರೀಧರ್ ಮತ್ತಿತರರು ಪಾಲ್ಗೊಂಡಿದ್ದರು. ಉಪ ತಹಶೀಲ್ದಾರ್ ಮೂಲಕ ಮುಖ್ಯಮಂತ್ರಿಗಳಿಗೆ ಮನವಿ ಸಲ್ಲಿಸಲಾಯಿತು.
